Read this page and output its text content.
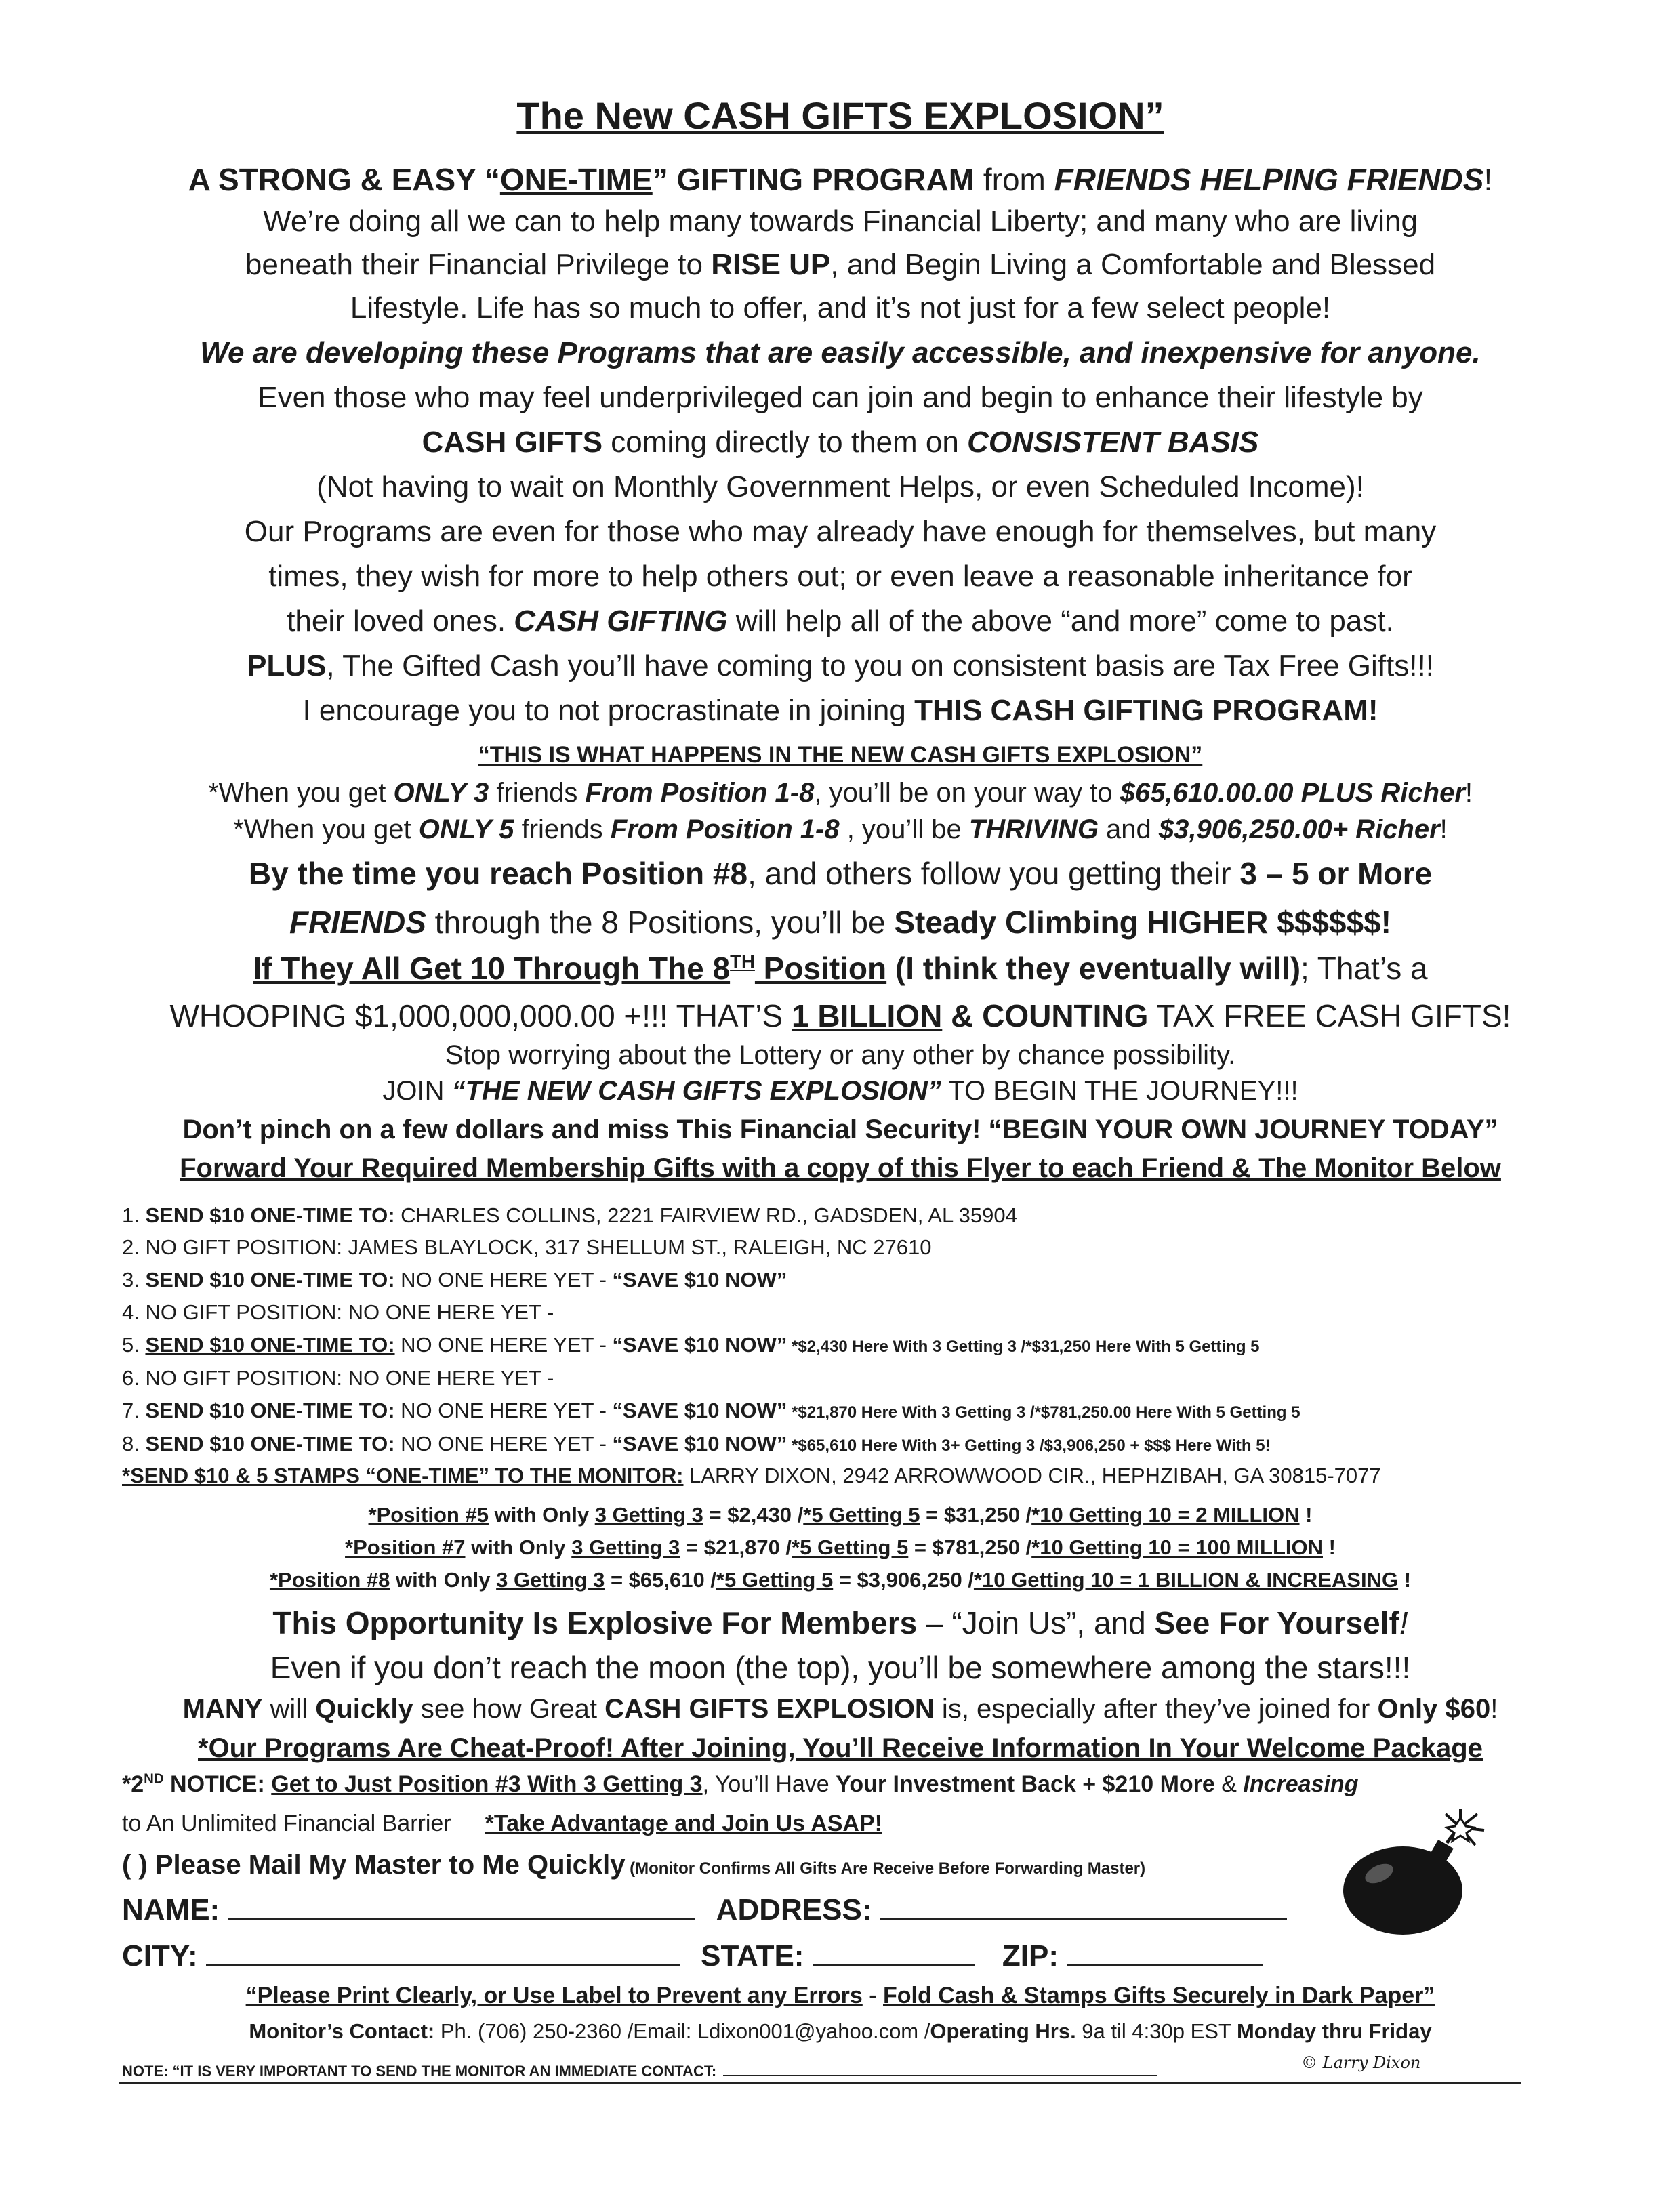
The New CASH GIFTS EXPLOSION”
A STRONG & EASY “ONE-TIME” GIFTING PROGRAM from FRIENDS HELPING FRIENDS!
We’re doing all we can to help many towards Financial Liberty; and many who are living
beneath their Financial Privilege to RISE UP, and Begin Living a Comfortable and Blessed
Lifestyle. Life has so much to offer, and it’s not just for a few select people!
We are developing these Programs that are easily accessible, and inexpensive for anyone.
Even those who may feel underprivileged can join and begin to enhance their lifestyle by
CASH GIFTS coming directly to them on CONSISTENT BASIS
(Not having to wait on Monthly Government Helps, or even Scheduled Income)!
Our Programs are even for those who may already have enough for themselves, but many
times, they wish for more to help others out; or even leave a reasonable inheritance for
their loved ones. CASH GIFTING will help all of the above “and more” come to past.
PLUS, The Gifted Cash you’ll have coming to you on consistent basis are Tax Free Gifts!!!
I encourage you to not procrastinate in joining THIS CASH GIFTING PROGRAM!
“THIS IS WHAT HAPPENS IN THE NEW CASH GIFTS EXPLOSION”
*When you get ONLY 3 friends From Position 1-8, you’ll be on your way to $65,610.00.00 PLUS Richer!
*When you get ONLY 5 friends From Position 1-8 , you’ll be THRIVING and $3,906,250.00+ Richer!
By the time you reach Position #8, and others follow you getting their 3 – 5 or More
FRIENDS through the 8 Positions, you’ll be Steady Climbing HIGHER $$$$$$!
If They All Get 10 Through The 8TH Position (I think they eventually will); That’s a
WHOOPING $1,000,000,000.00 +!!! THAT’S 1 BILLION & COUNTING TAX FREE CASH GIFTS!
Stop worrying about the Lottery or any other by chance possibility.
JOIN “THE NEW CASH GIFTS EXPLOSION” TO BEGIN THE JOURNEY!!!
Don’t pinch on a few dollars and miss This Financial Security! “BEGIN YOUR OWN JOURNEY TODAY”
Forward Your Required Membership Gifts with a copy of this Flyer to each Friend & The Monitor Below
1. SEND $10 ONE-TIME TO: CHARLES COLLINS, 2221 FAIRVIEW RD., GADSDEN, AL 35904
2. NO GIFT POSITION: JAMES BLAYLOCK, 317 SHELLUM ST., RALEIGH, NC 27610
3. SEND $10 ONE-TIME TO: NO ONE HERE YET - “SAVE $10 NOW”
4. NO GIFT POSITION: NO ONE HERE YET -
5. SEND $10 ONE-TIME TO: NO ONE HERE YET - “SAVE $10 NOW” *$2,430 Here With 3 Getting 3 /*$31,250 Here With 5 Getting 5
6. NO GIFT POSITION: NO ONE HERE YET -
7. SEND $10 ONE-TIME TO: NO ONE HERE YET - “SAVE $10 NOW” *$21,870 Here With 3 Getting 3 /*$781,250.00 Here With 5 Getting 5
8. SEND $10 ONE-TIME TO: NO ONE HERE YET - “SAVE $10 NOW” *$65,610 Here With 3+ Getting 3 /$3,906,250 + $$$ Here With 5!
*SEND $10 & 5 STAMPS “ONE-TIME” TO THE MONITOR: LARRY DIXON, 2942 ARROWWOOD CIR., HEPHZIBAH, GA 30815-7077
*Position #5 with Only 3 Getting 3 = $2,430 /*5 Getting 5 = $31,250 /*10 Getting 10 = 2 MILLION !
*Position #7 with Only 3 Getting 3 = $21,870 /*5 Getting 5 = $781,250 /*10 Getting 10 = 100 MILLION !
*Position #8 with Only 3 Getting 3 = $65,610 /*5 Getting 5 = $3,906,250 /*10 Getting 10 = 1 BILLION & INCREASING !
This Opportunity Is Explosive For Members – “Join Us”, and See For Yourself!
Even if you don’t reach the moon (the top), you’ll be somewhere among the stars!!!
MANY will Quickly see how Great CASH GIFTS EXPLOSION is, especially after they’ve joined for Only $60!
*Our Programs Are Cheat-Proof! After Joining, You’ll Receive Information In Your Welcome Package
*2ND NOTICE: Get to Just Position #3 With 3 Getting 3, You’ll Have Your Investment Back + $210 More & Increasing
to An Unlimited Financial Barrier *Take Advantage and Join Us ASAP!
( ) Please Mail My Master to Me Quickly (Monitor Confirms All Gifts Are Receive Before Forwarding Master)
NAME:	ADDRESS:
CITY:	STATE:	ZIP:
“Please Print Clearly, or Use Label to Prevent any Errors - Fold Cash & Stamps Gifts Securely in Dark Paper”
Monitor’s Contact: Ph. (706) 250-2360 /Email: Ldixon001@yahoo.com /Operating Hrs. 9a til 4:30p EST Monday thru Friday
NOTE: “IT IS VERY IMPORTANT TO SEND THE MONITOR AN IMMEDIATE CONTACT:	© Larry Dixon
